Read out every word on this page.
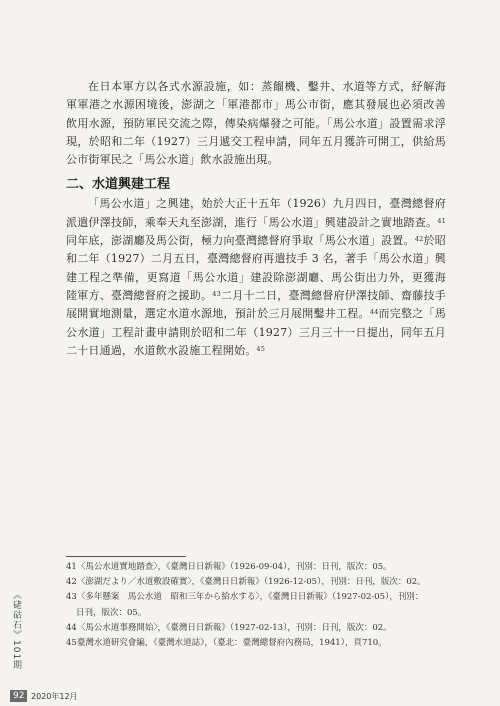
在日本軍方以各式水源設施，如：蒸餾機、鑿井、水道等方式，紓解海軍軍港之水源困境後，澎湖之「軍港都市」馬公市街，應其發展也必須改善飲用水源，預防軍民交流之際，傳染病爆發之可能。「馬公水道」設置需求浮現，於昭和二年（1927）三月遞交工程申請，同年五月獲許可開工，供給馬公市街軍民之「馬公水道」飲水設施出現。

二、水道興建工程

「馬公水道」之興建，始於大正十五年（1926）九月四日，臺灣總督府派遣伊澤技師，乘奉天丸至澎湖，進行「馬公水道」興建設計之實地踏查。$^{41}$同年底，澎湖廳及馬公街，極力向臺灣總督府爭取「馬公水道」設置。$^{42}$於昭和二年（1927）二月五日，臺灣總督府再遣技手 3 名，著手「馬公水道」興建工程之準備，更寫道「馬公水道」建設除澎湖廳、馬公街出力外，更獲海陸軍方、臺灣總督府之援助。$^{43}$二月十二日，臺灣總督府伊澤技師、齋藤技手展開實地測量，選定水道水源地，預計於三月展開鑿井工程。$^{44}$而完整之「馬公水道」工程計畫申請則於昭和二年（1927）三月三十一日提出，同年五月二十日通過，水道飲水設施工程開始。$^{45}$

41〈馬公水道實地踏查〉，《臺灣日日新報》（1926-09-04），刊別：日刊，版次：05。

42〈澎湖だより／水道敷設確實〉，《臺灣日日新報》（1926-12-05），刊別：日刊，版次：02。

43〈多年懸案　馬公水道　昭和三年から給水する〉，《臺灣日日新報》（1927-02-05），刊別：

日刊，版次：05。

44〈馬公水道事務開始〉，《臺灣日日新報》（1927-02-13），刊別：日刊，版次：02。

45臺灣水道研究會編，《臺灣水道誌》，（臺北：臺灣總督府內務局，1941），頁710。

《硓𥑮石》101期
92 2020年12月
